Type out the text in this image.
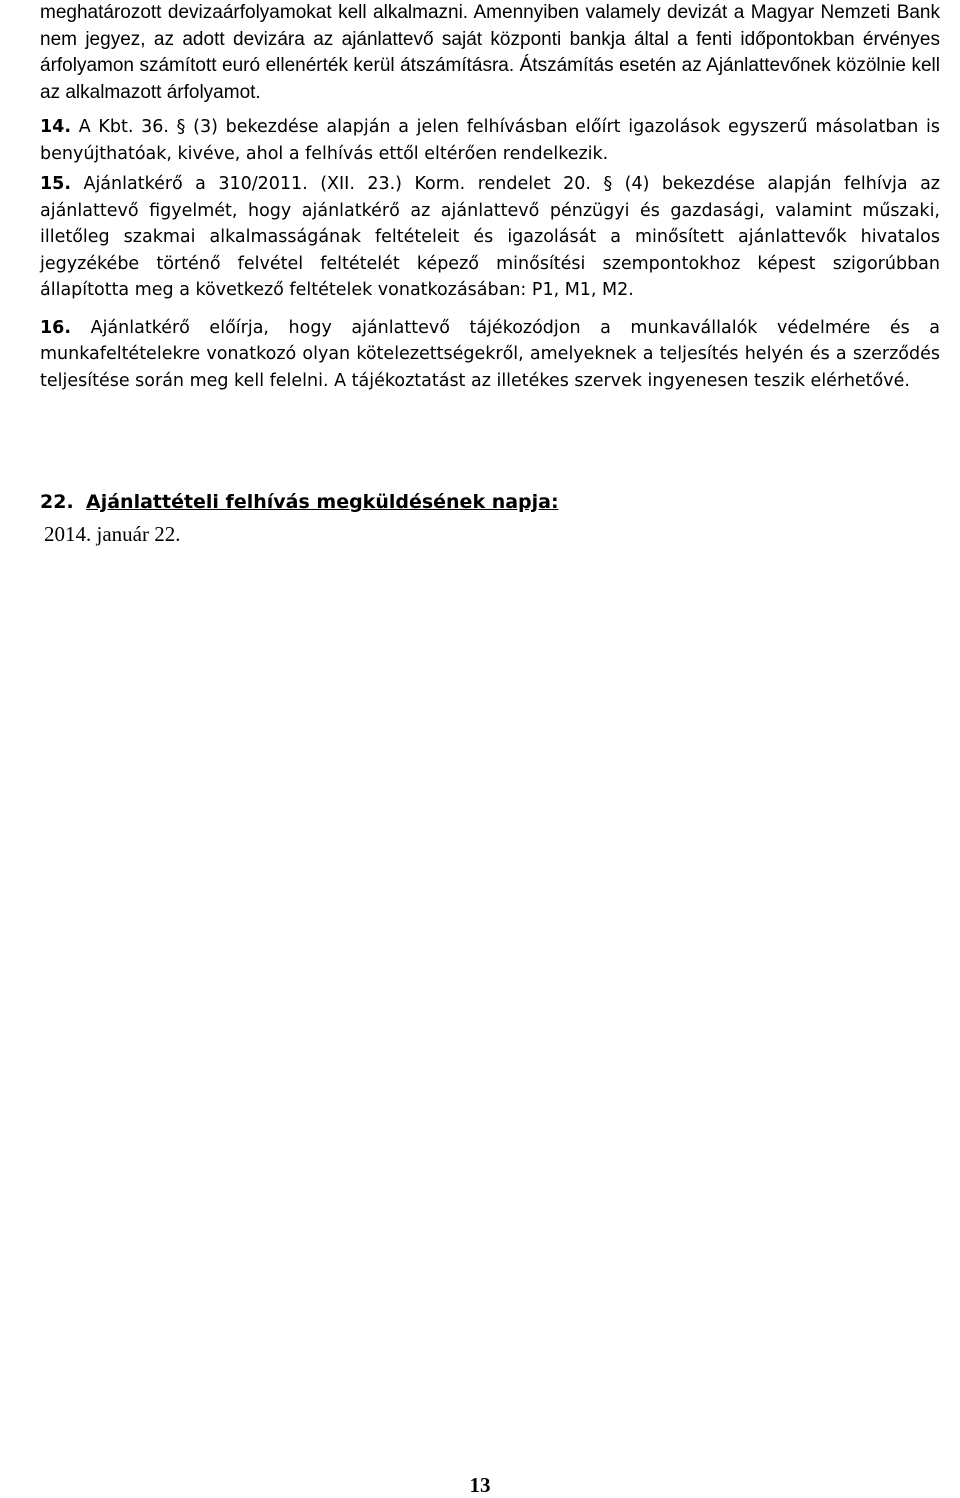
meghatározott devizaárfolyamokat kell alkalmazni. Amennyiben valamely devizát a Magyar Nemzeti Bank nem jegyez, az adott devizára az ajánlattevő saját központi bankja által a fenti időpontokban érvényes árfolyamon számított euró ellenérték kerül átszámításra. Átszámítás esetén az Ajánlattevőnek közölnie kell az alkalmazott árfolyamot.

14. A Kbt. 36. § (3) bekezdése alapján a jelen felhívásban előírt igazolások egyszerű másolatban is benyújthatóak, kivéve, ahol a felhívás ettől eltérően rendelkezik.

15. Ajánlatkérő a 310/2011. (XII. 23.) Korm. rendelet 20. § (4) bekezdése alapján felhívja az ajánlattevő figyelmét, hogy ajánlatkérő az ajánlattevő pénzügyi és gazdasági, valamint műszaki, illetőleg szakmai alkalmasságának feltételeit és igazolását a minősített ajánlattevők hivatalos jegyzékébe történő felvétel feltételét képező minősítési szempontokhoz képest szigorúbban állapította meg a következő feltételek vonatkozásában: P1, M1, M2.

16. Ajánlatkérő előírja, hogy ajánlattevő tájékozódjon a munkavállalók védelmére és a munkafeltételekre vonatkozó olyan kötelezettségekről, amelyeknek a teljesítés helyén és a szerződés teljesítése során meg kell felelni. A tájékoztatást az illetékes szervek ingyenesen teszik elérhetővé.

22. Ajánlattételi felhívás megküldésének napja:
2014. január 22.
13
